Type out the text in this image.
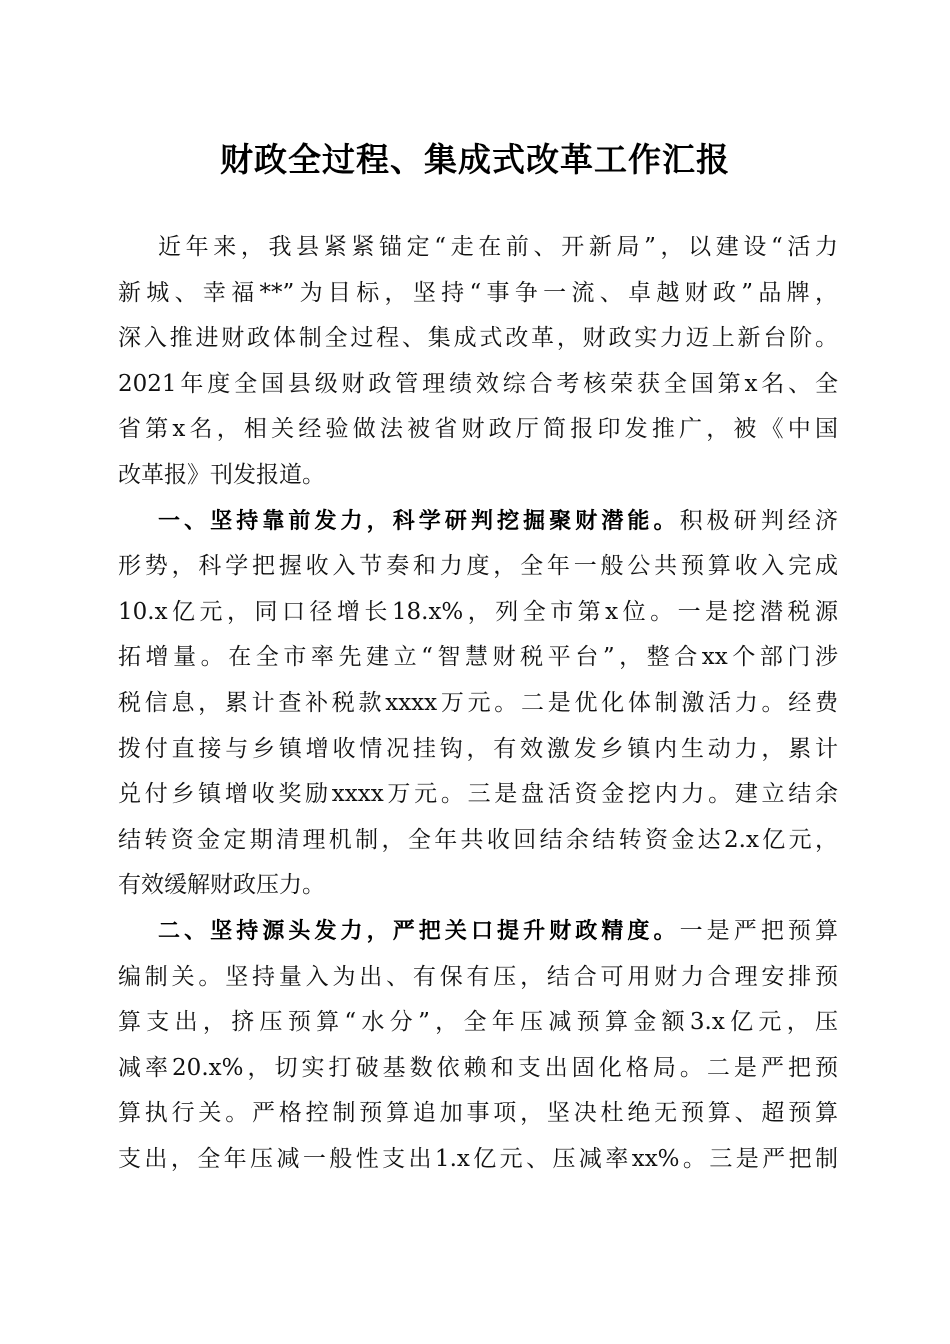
财政全过程、集成式改革工作汇报
近年来，我县紧紧锚定“走在前、开新局”，以建设“活力
新城、幸福**”为目标，坚持“事争一流、卓越财政”品牌，
深入推进财政体制全过程、集成式改革，财政实力迈上新台阶。
2021年度全国县级财政管理绩效综合考核荣获全国第x名、全
省第x名，相关经验做法被省财政厅简报印发推广，被《中国
改革报》刊发报道。
一、坚持靠前发力，科学研判挖掘聚财潜能。积极研判经济
形势，科学把握收入节奏和力度，全年一般公共预算收入完成
10.x亿元，同口径增长18.x%，列全市第x位。一是挖潜税源
拓增量。在全市率先建立“智慧财税平台”，整合xx个部门涉
税信息，累计查补税款xxxx万元。二是优化体制激活力。经费
拨付直接与乡镇增收情况挂钩，有效激发乡镇内生动力，累计
兑付乡镇增收奖励xxxx万元。三是盘活资金挖内力。建立结余
结转资金定期清理机制，全年共收回结余结转资金达2.x亿元，
有效缓解财政压力。
二、坚持源头发力，严把关口提升财政精度。一是严把预算
编制关。坚持量入为出、有保有压，结合可用财力合理安排预
算支出，挤压预算“水分”，全年压减预算金额3.x亿元，压
减率20.x%，切实打破基数依赖和支出固化格局。二是严把预
算执行关。严格控制预算追加事项，坚决杜绝无预算、超预算
支出，全年压减一般性支出1.x亿元、压减率xx%。三是严把制
